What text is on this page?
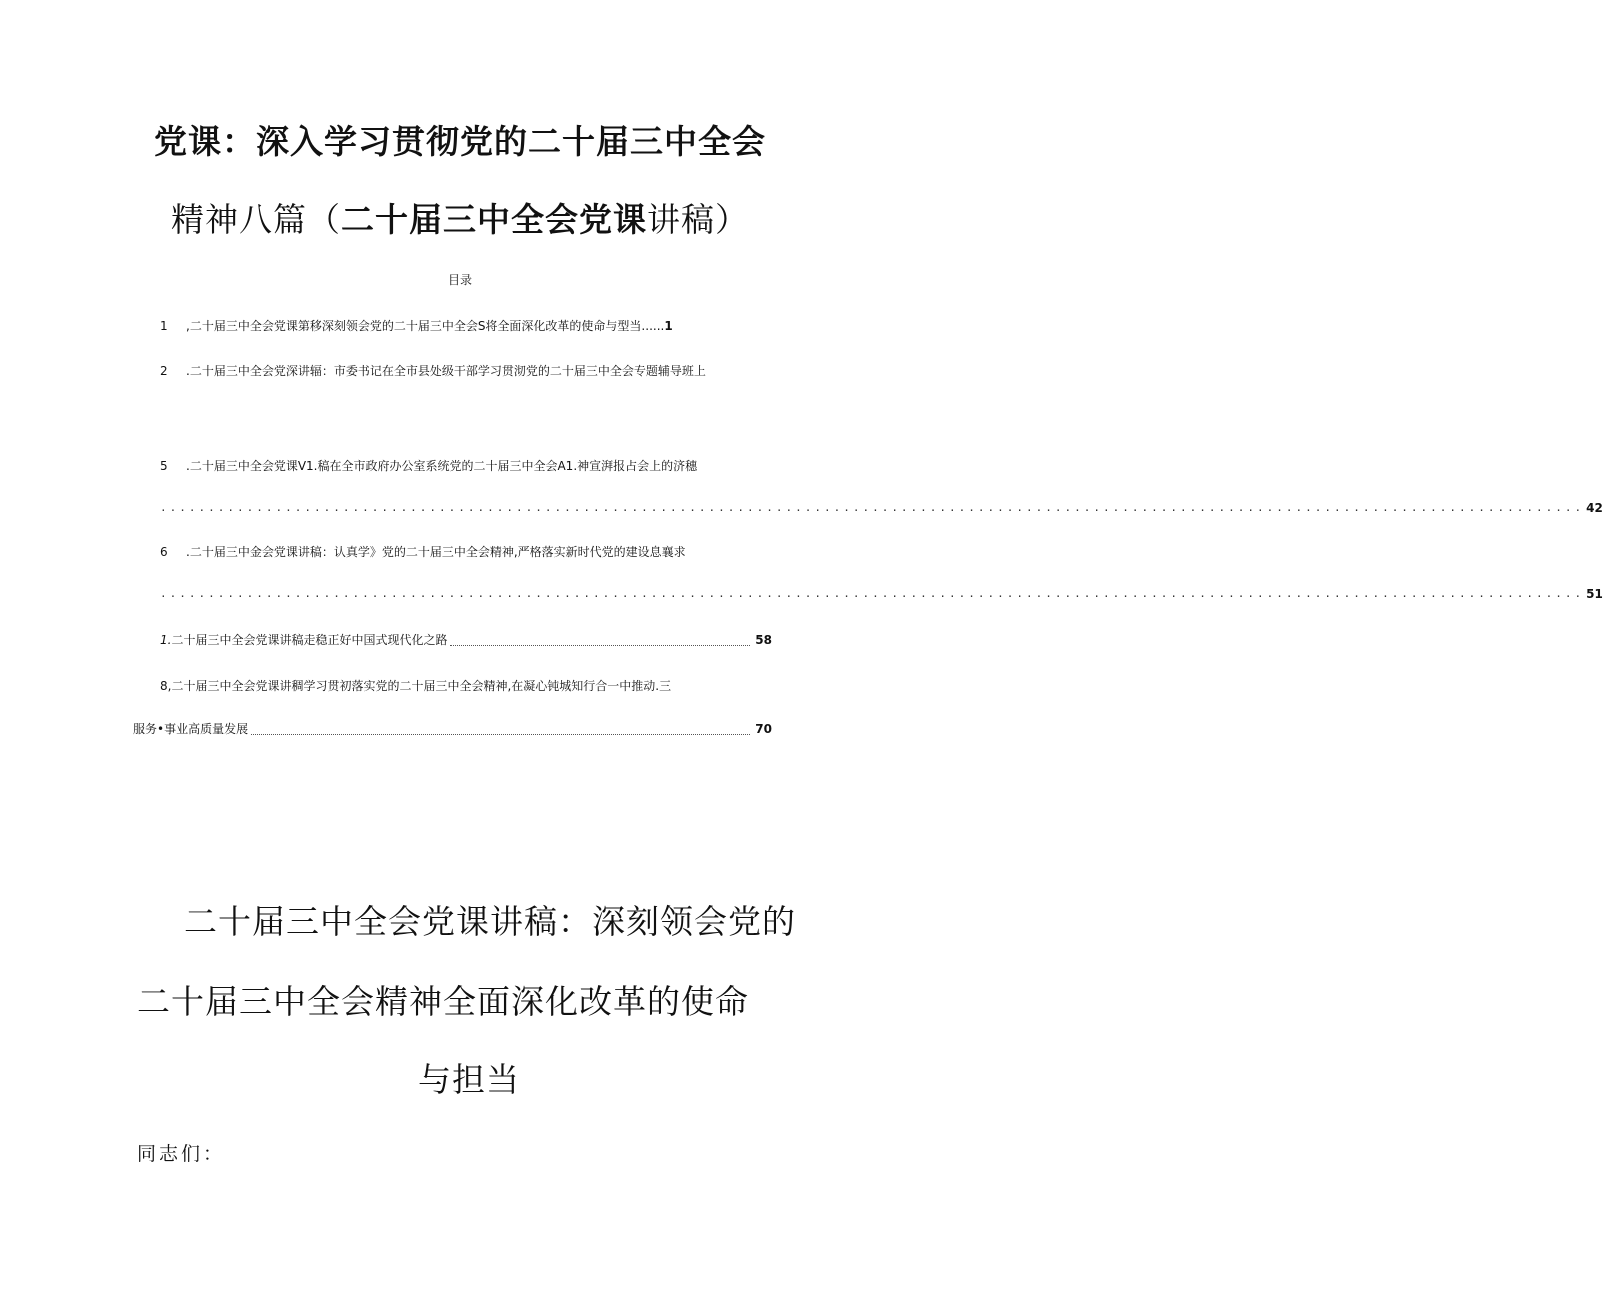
党课：深入学习贯彻党的二十届三中全会
精神八篇（二十届三中全会党课讲稿）
目录
1 ,二十届三中全会党课第移深刻领会党的二十届三中全会S将全面深化改革的使命与型当......1
2 .二十届三中全会党深讲辐：市委书记在全市县处级干部学习贯沏党的二十届三中全会专题辅导班上
5 .二十届三中全会党课V1.稿在全市政府办公室系统党的二十届三中全会A1.神宣湃报占会上的济穗
.................................................................................................................................................... 42
6 .二十届三中金会党课讲稿：认真学》党的二十届三中全会精神,严格落实新时代党的建设息襄求
.................................................................................................................................................... 51
1.二十届三中全会党课讲稿走稳正好中国式现代化之路	58
8,二十届三中全会党课讲稠学习贯初落实党的二十届三中全会精神,在凝心钝城知行合一中推动.三
服务•事业高质量发展	70
二十届三中全会党课讲稿：深刻领会党的
二十届三中全会精神全面深化改革的使命
与担当
同志们：
